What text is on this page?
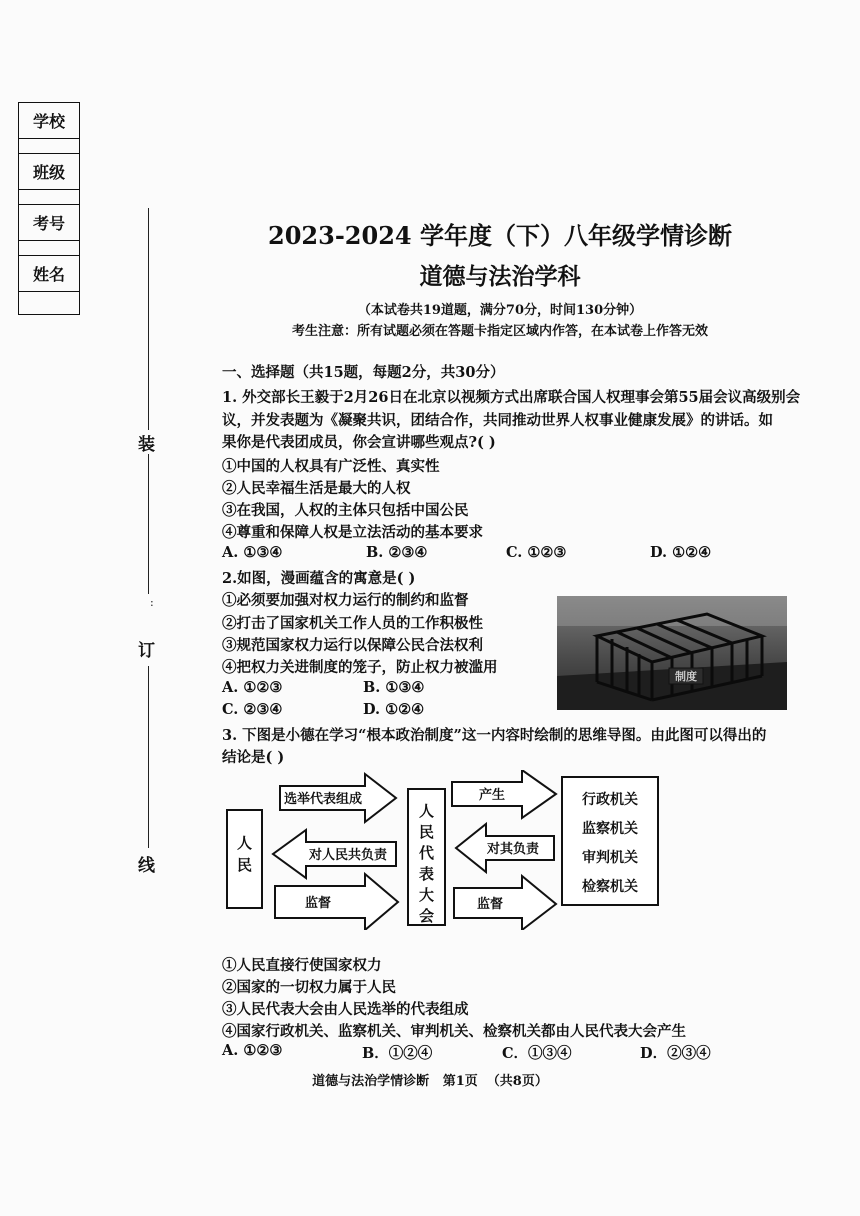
学校
班级
考号
姓名
装
:
订
线
2023-2024 学年度（下）八年级学情诊断
道德与法治学科
（本试卷共19道题，满分70分，时间130分钟）
考生注意：所有试题必须在答题卡指定区域内作答，在本试卷上作答无效
一、选择题（共15题，每题2分，共30分）
1. 外交部长王毅于2月26日在北京以视频方式出席联合国人权理事会第55届会议高级别会
议，并发表题为《凝聚共识，团结合作，共同推动世界人权事业健康发展》的讲话。如
果你是代表团成员，你会宣讲哪些观点?( )
①中国的人权具有广泛性、真实性
②人民幸福生活是最大的人权
③在我国，人权的主体只包括中国公民
④尊重和保障人权是立法活动的基本要求
A. ①③④	B. ②③④	C. ①②③	D. ①②④
2.如图，漫画蕴含的寓意是( )
①必须要加强对权力运行的制约和监督
②打击了国家机关工作人员的工作积极性
③规范国家权力运行以保障公民合法权利
④把权力关进制度的笼子，防止权力被滥用
A. ①②③	B. ①③④
C. ②③④	D. ①②④
制度
3. 下图是小德在学习“根本政治制度”这一内容时绘制的思维导图。由此图可以得出的
结论是( )
选举代表组成
对人民共负责
监督
产生
对其负责
监督
行政机关
监察机关
审判机关
检察机关
人民
人民代表大会
①人民直接行使国家权力
②国家的一切权力属于人民
③人民代表大会由人民选举的代表组成
④国家行政机关、监察机关、审判机关、检察机关都由人民代表大会产生
A. ①②③	B．①②④	C．①③④	D．②③④
道德与法治学情诊断   第1页  （共8页）
